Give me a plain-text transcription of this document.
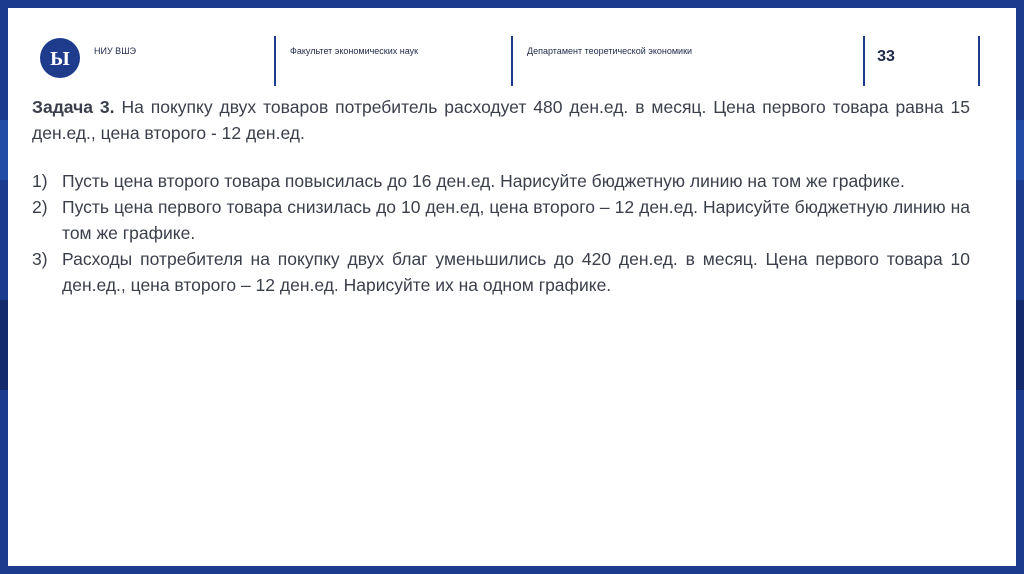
Ы	НИУ ВШЭ	Факультет экономических наук	Департамент теоретической экономики	33

Задача 3. На покупку двух товаров потребитель расходует 480 ден.ед. в месяц. Цена первого товара равна 15 ден.ед., цена второго - 12 ден.ед.

1) Пусть цена второго товара повысилась до 16 ден.ед. Нарисуйте бюджетную линию на том же графике.
2) Пусть цена первого товара снизилась до 10 ден.ед, цена второго – 12 ден.ед. Нарисуйте бюджетную линию на том же графике.
3) Расходы потребителя на покупку двух благ уменьшились до 420 ден.ед. в месяц. Цена первого товара 10 ден.ед., цена второго – 12 ден.ед. Нарисуйте их на одном графике.
